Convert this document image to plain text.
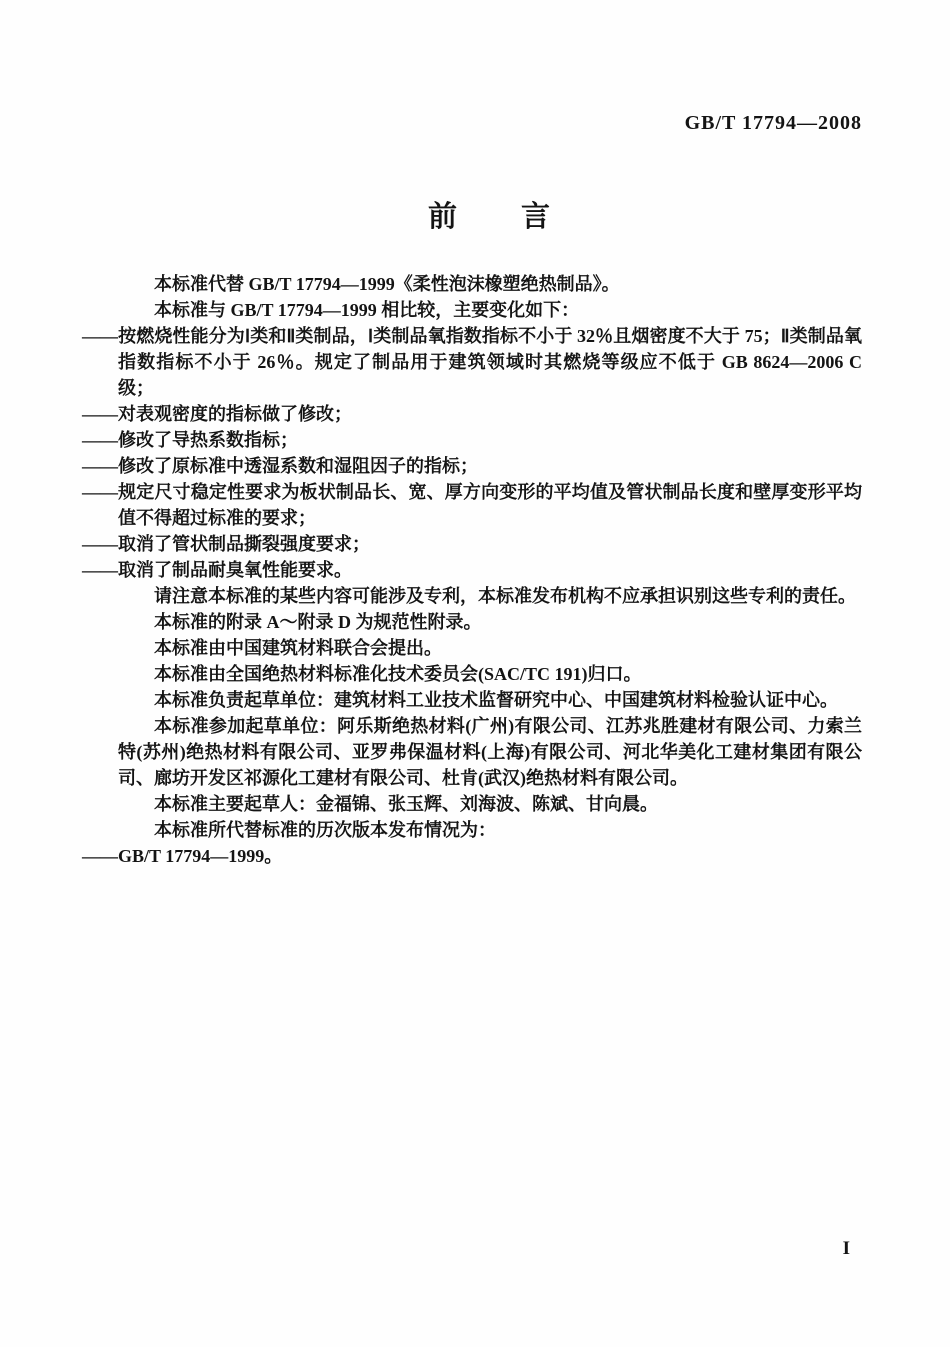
GB/T 17794—2008
前　　言

本标准代替 GB/T 17794—1999《柔性泡沫橡塑绝热制品》。

本标准与 GB/T 17794—1999 相比较，主要变化如下：

——按燃烧性能分为Ⅰ类和Ⅱ类制品，Ⅰ类制品氧指数指标不小于 32％且烟密度不大于 75；Ⅱ类制品氧指数指标不小于 26％。规定了制品用于建筑领域时其燃烧等级应不低于 GB 8624—2006 C 级；

——对表观密度的指标做了修改；

——修改了导热系数指标；

——修改了原标准中透湿系数和湿阻因子的指标；

——规定尺寸稳定性要求为板状制品长、宽、厚方向变形的平均值及管状制品长度和壁厚变形平均值不得超过标准的要求；

——取消了管状制品撕裂强度要求；

——取消了制品耐臭氧性能要求。

请注意本标准的某些内容可能涉及专利，本标准发布机构不应承担识别这些专利的责任。

本标准的附录 A～附录 D 为规范性附录。

本标准由中国建筑材料联合会提出。

本标准由全国绝热材料标准化技术委员会(SAC/TC 191)归口。

本标准负责起草单位：建筑材料工业技术监督研究中心、中国建筑材料检验认证中心。

本标准参加起草单位：阿乐斯绝热材料(广州)有限公司、江苏兆胜建材有限公司、力索兰特(苏州)绝热材料有限公司、亚罗弗保温材料(上海)有限公司、河北华美化工建材集团有限公司、廊坊开发区祁源化工建材有限公司、杜肯(武汉)绝热材料有限公司。

本标准主要起草人：金福锦、张玉辉、刘海波、陈斌、甘向晨。

本标准所代替标准的历次版本发布情况为：

——GB/T 17794—1999。

I
